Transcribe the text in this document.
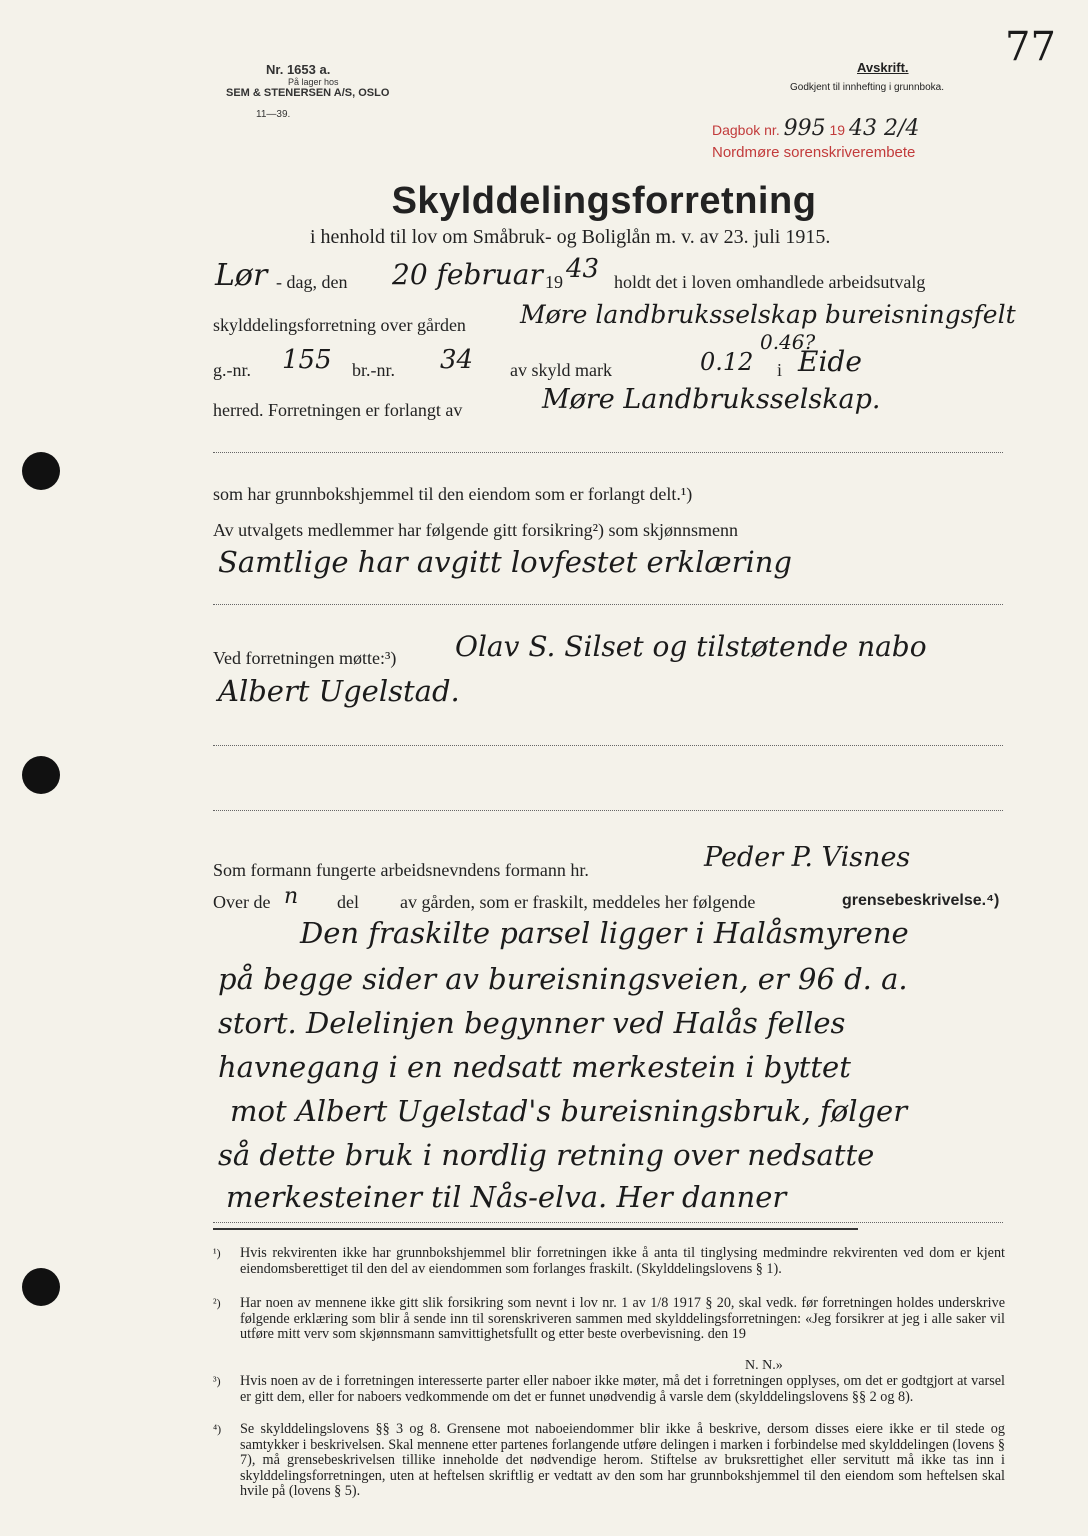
77
Nr. 1653 a.
På lager hos
SEM & STENERSEN A/S, OSLO
11—39.
Avskrift.
Godkjent til innhefting i grunnboka.
Dagbok nr. 995 19 43 2/4
Nordmøre sorenskriverembete
Skylddelingsforretning
i henhold til lov om Småbruk- og Boliglån m. v. av 23. juli 1915.
Lør - dag, den 20 februar 19 43 holdt det i loven omhandlede arbeidsutvalg
skylddelingsforretning over gården Møre landbruksselskap bureisningsfelt
0.46?
g.-nr. 155 br.-nr. 34 av skyld mark	0.12 i Eide
herred. Forretningen er forlangt av	Møre Landbruksselskap.
som har grunnbokshjemmel til den eiendom som er forlangt delt.¹)
Av utvalgets medlemmer har følgende gitt forsikring²) som skjønnsmenn
Samtlige har avgitt lovfestet erklæring
Ved forretningen møtte:³) Olav S. Silset og tilstøtende nabo
Albert Ugelstad.
Som formann fungerte arbeidsnevndens formann hr.	Peder P. Visnes
Over de n del av gården, som er fraskilt, meddeles her følgende	grensebeskrivelse.⁴)
Den fraskilte parsel ligger i Halåsmyrene
på begge sider av bureisningsveien, er 96 d. a.
stort. Delelinjen begynner ved Halås felles
havnegang i en nedsatt merkestein i byttet
mot Albert Ugelstad's bureisningsbruk, følger
så dette bruk i nordlig retning over nedsatte
merkesteiner til Nås-elva. Her danner
¹) Hvis rekvirenten ikke har grunnbokshjemmel blir forretningen ikke å anta til tinglysing medmindre rekvirenten ved dom er kjent eiendomsberettiget til den del av eiendommen som forlanges fraskilt. (Skylddelingslovens § 1).
²) Har noen av mennene ikke gitt slik forsikring som nevnt i lov nr. 1 av 1/8 1917 § 20, skal vedk. før forretningen holdes underskrive følgende erklæring som blir å sende inn til sorenskriveren sammen med skylddelingsforretningen: «Jeg forsikrer at jeg i alle saker vil utføre mitt verv som skjønnsmann samvittighetsfullt og etter beste overbevisning. den 19
N. N.»
³) Hvis noen av de i forretningen interesserte parter eller naboer ikke møter, må det i forretningen opplyses, om det er godtgjort at varsel er gitt dem, eller for naboers vedkommende om det er funnet unødvendig å varsle dem (skylddelingslovens §§ 2 og 8).
⁴) Se skylddelingslovens §§ 3 og 8. Grensene mot naboeiendommer blir ikke å beskrive, dersom disses eiere ikke er til stede og samtykker i beskrivelsen. Skal mennene etter partenes forlangende utføre delingen i marken i forbindelse med skylddelingen (lovens § 7), må grensebeskrivelsen tillike inneholde det nødvendige herom. Stiftelse av bruksrettighet eller servitutt må ikke tas inn i skylddelingsforretningen, uten at heftelsen skriftlig er vedtatt av den som har grunnbokshjemmel til den eiendom som heftelsen skal hvile på (lovens § 5).
